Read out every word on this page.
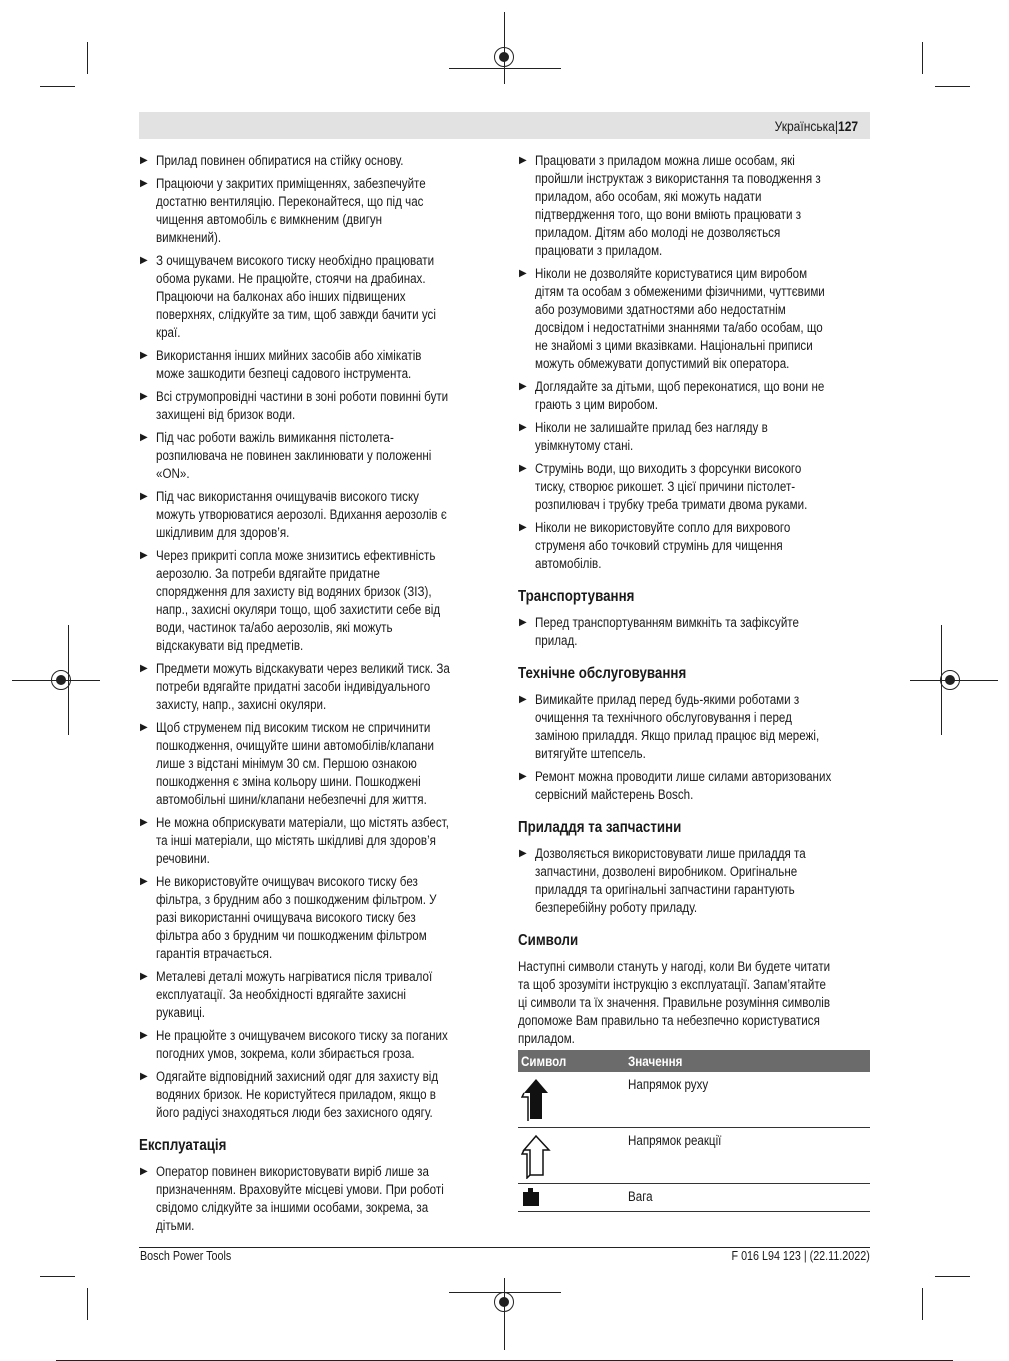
Українська|127
▶ Прилад повинен обпиратися на стійку основу.
▶ Працюючи у закритих приміщеннях, забезпечуйте
достатню вентиляцію. Переконайтеся, що під час
чищення автомобіль є вимкненим (двигун
вимкнений).
▶ З очищувачем високого тиску необхідно працювати
обома руками. Не працюйте, стоячи на драбинах.
Працюючи на балконах або інших підвищених
поверхнях, слідкуйте за тим, щоб завжди бачити усі
краї.
▶ Використання інших мийних засобів або хімікатів
може зашкодити безпеці садового інструмента.
▶ Всі струмопровідні частини в зоні роботи повинні бути
захищені від бризок води.
▶ Під час роботи важіль вимикання пістолета-
розпилювача не повинен заклинювати у положенні
«ON».
▶ Під час використання очищувачів високого тиску
можуть утворюватися аерозолі. Вдихання аерозолів є
шкідливим для здоров’я.
▶ Через прикриті сопла може знизитись ефективність
аерозолю. За потреби вдягайте придатне
спорядження для захисту від водяних бризок (ЗІЗ),
напр., захисні окуляри тощо, щоб захистити себе від
води, частинок та/або аерозолів, які можуть
відскакувати від предметів.
▶ Предмети можуть відскакувати через великий тиск. За
потреби вдягайте придатні засоби індивідуального
захисту, напр., захисні окуляри.
▶ Щоб струменем під високим тиском не спричинити
пошкодження, очищуйте шини автомобілів/клапани
лише з відстані мінімум 30 см. Першою ознакою
пошкодження є зміна кольору шини. Пошкоджені
автомобільні шини/клапани небезпечні для життя.
▶ Не можна обприскувати матеріали, що містять азбест,
та інші матеріали, що містять шкідливі для здоров’я
речовини.
▶ Не використовуйте очищувач високого тиску без
фільтра, з брудним або з пошкодженим фільтром. У
разі використанні очищувача високого тиску без
фільтра або з брудним чи пошкодженим фільтром
гарантія втрачається.
▶ Металеві деталі можуть нагріватися після тривалої
експлуатації. За необхідності вдягайте захисні
рукавиці.
▶ Не працюйте з очищувачем високого тиску за поганих
погодних умов, зокрема, коли збирається гроза.
▶ Одягайте відповідний захисний одяг для захисту від
водяних бризок. Не користуйтеся приладом, якщо в
його радіусі знаходяться люди без захисного одягу.
Експлуатація
▶ Оператор повинен використовувати виріб лише за
призначенням. Враховуйте місцеві умови. При роботі
свідомо слідкуйте за іншими особами, зокрема, за
дітьми.
▶ Працювати з приладом можна лише особам, які
пройшли інструктаж з використання та поводження з
приладом, або особам, які можуть надати
підтвердження того, що вони вміють працювати з
приладом. Дітям або молоді не дозволяється
працювати з приладом.
▶ Ніколи не дозволяйте користуватися цим виробом
дітям та особам з обмеженими фізичними, чуттєвими
або розумовими здатностями або недостатнім
досвідом і недостатніми знаннями та/або особам, що
не знайомі з цими вказівками. Національні приписи
можуть обмежувати допустимий вік оператора.
▶ Доглядайте за дітьми, щоб переконатися, що вони не
грають з цим виробом.
▶ Ніколи не залишайте прилад без нагляду в
увімкнутому стані.
▶ Струмінь води, що виходить з форсунки високого
тиску, створює рикошет. З цієї причини пістолет-
розпилювач і трубку треба тримати двома руками.
▶ Ніколи не використовуйте сопло для вихрового
струменя або точковий струмінь для чищення
автомобілів.
Транспортування
▶ Перед транспортуванням вимкніть та зафіксуйте
прилад.
Технічне обслуговування
▶ Вимикайте прилад перед будь-якими роботами з
очищення та технічного обслуговування і перед
заміною приладдя. Якщо прилад працює від мережі,
витягуйте штепсель.
▶ Ремонт можна проводити лише силами авторизованих
сервісний майстерень Bosch.
Приладдя та запчастини
▶ Дозволяється використовувати лише приладдя та
запчастини, дозволені виробником. Оригінальне
приладдя та оригінальні запчастини гарантують
безперебійну роботу приладу.
Символи
Наступні символи стануть у нагоді, коли Ви будете читати
та щоб зрозуміти інструкцію з експлуатації. Запам’ятайте
ці символи та їх значення. Правильне розуміння символів
допоможе Вам правильно та небезпечно користуватися
приладом.
Символ	Значення
	Напрямок руху
	Напрямок реакції
	Вага
Bosch Power Tools	F 016 L94 123 | (22.11.2022)
